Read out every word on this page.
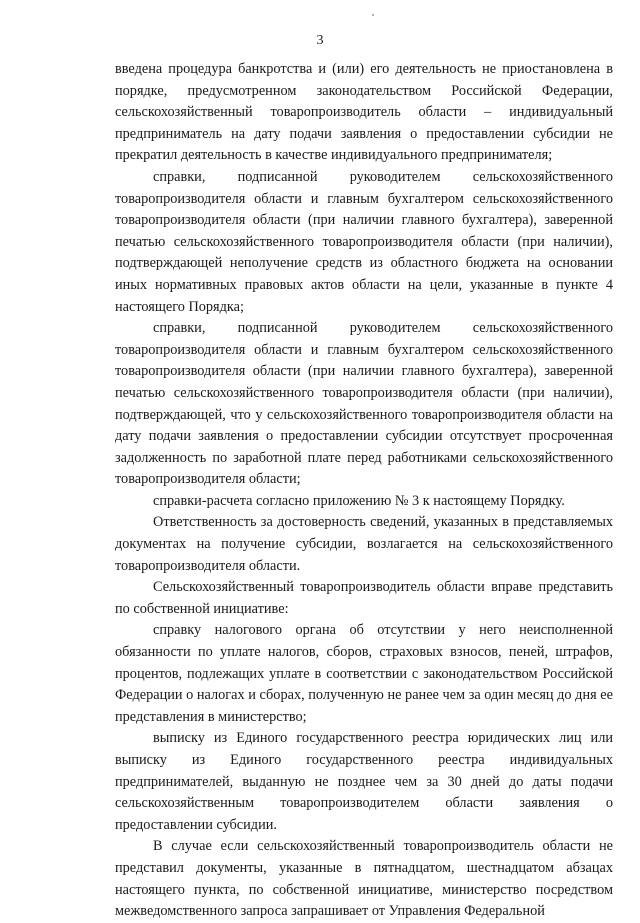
3

введена процедура банкротства и (или) его деятельность не приостановлена в порядке, предусмотренном законодательством Российской Федерации, сельскохозяйственный товаропроизводитель области – индивидуальный предприниматель на дату подачи заявления о предоставлении субсидии не прекратил деятельность в качестве индивидуального предпринимателя;

справки, подписанной руководителем сельскохозяйственного товаропроизводителя области и главным бухгалтером сельскохозяйственного товаропроизводителя области (при наличии главного бухгалтера), заверенной печатью сельскохозяйственного товаропроизводителя области (при наличии), подтверждающей неполучение средств из областного бюджета на основании иных нормативных правовых актов области на цели, указанные в пункте 4 настоящего Порядка;

справки, подписанной руководителем сельскохозяйственного товаропроизводителя области и главным бухгалтером сельскохозяйственного товаропроизводителя области (при наличии главного бухгалтера), заверенной печатью сельскохозяйственного товаропроизводителя области (при наличии), подтверждающей, что у сельскохозяйственного товаропроизводителя области на дату подачи заявления о предоставлении субсидии отсутствует просроченная задолженность по заработной плате перед работниками сельскохозяйственного товаропроизводителя области;

справки-расчета согласно приложению № 3 к настоящему Порядку.

Ответственность за достоверность сведений, указанных в представляемых документах на получение субсидии, возлагается на сельскохозяйственного товаропроизводителя области.

Сельскохозяйственный товаропроизводитель области вправе представить по собственной инициативе:

справку налогового органа об отсутствии у него неисполненной обязанности по уплате налогов, сборов, страховых взносов, пеней, штрафов, процентов, подлежащих уплате в соответствии с законодательством Российской Федерации о налогах и сборах, полученную не ранее чем за один месяц до дня ее представления в министерство;

выписку из Единого государственного реестра юридических лиц или выписку из Единого государственного реестра индивидуальных предпринимателей, выданную не позднее чем за 30 дней до даты подачи сельскохозяйственным товаропроизводителем области заявления о предоставлении субсидии.

В случае если сельскохозяйственный товаропроизводитель области не представил документы, указанные в пятнадцатом, шестнадцатом абзацах настоящего пункта, по собственной инициативе, министерство посредством межведомственного запроса запрашивает от Управления Федеральной
